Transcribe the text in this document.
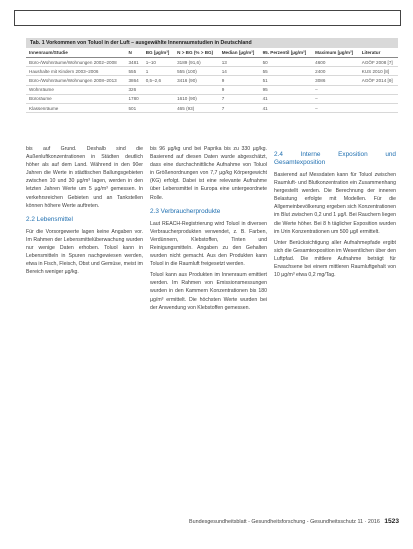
Tab. 1 Vorkommen von Toluol in der Luft – ausgewählte Innenraumstudien in Deutschland
Innenraum/Studie	N	BG [µg/m³]	N > BG (% > BG)	Median [µg/m³]	95. Perzentil [µg/m³]	Maximum [µg/m³]	Literatur
Büro-/Wohnräume/Wohnungen 2002–2008	3481	1–10	3189 (91,6)	13	50	4600	AGÖF 2008 [7]
Haushalte mit Kindern 2003–2006	555	1	555 (100)	14	55	2400	KUS 2010 [8]
Büro-/Wohnräume/Wohnungen 2008–2013	3864	0,5–2,6	3416 (90)	9	51	3086	AGÖF 2014 [9]
Wohnräume	326			9	95	–	
Büroräume	1780		1610 (90)	7	41	–	
Klassenräume	501		465 (93)	7	41	–	

bis auf Grund. Deshalb sind die Außenluftkonzentrationen in Städten deutlich höher als auf dem Land. Während in den 90er Jahren die Werte in städtischen Ballungsgebieten zwischen 10 und 30 µg/m³ lagen, werden in den letzten Jahren Werte um 5 µg/m³ gemessen. In verkehrsreichen Gebieten und an Tankstellen können höhere Werte auftreten.

2.2 Lebensmittel

Für die Vorsorgewerte lagen keine Angaben vor. Im Rahmen der Lebensmittelüberwachung wurden nur wenige Daten erhoben. Toluol kann in Lebensmitteln in Spuren nachgewiesen werden, etwa in Fisch, Fleisch, Obst und Gemüse, meist im Bereich weniger µg/kg.

bis 96 µg/kg und bei Paprika bis zu 330 µg/kg. Basierend auf diesen Daten wurde abgeschätzt, dass eine durchschnittliche Aufnahme von Toluol in Größenordnungen von 7,7 µg/kg Körpergewicht (KG) erfolgt. Dabei ist eine relevante Aufnahme über Lebensmittel in Europa eine untergeordnete Rolle.

2.3 Verbraucherprodukte

Laut REACH-Registrierung wird Toluol in diversen Verbraucherprodukten verwendet, z. B. Farben, Verdünnern, Klebstoffen, Tinten und Reinigungsmitteln. Angaben zu den Gehalten wurden nicht gemacht. Aus den Produkten kann Toluol in die Raumluft freigesetzt werden.

Toluol kann aus Produkten im Innenraum emittiert werden. Im Rahmen von Emissionsmessungen wurden in den Kammern Konzentrationen bis 180 µg/m³ ermittelt. Die höchsten Werte wurden bei der Anwendung von Klebstoffen gemessen.

2.4 Interne Exposition und Gesamtexposition

Basierend auf Messdaten kann für Toluol zwischen Raumluft- und Blutkonzentration ein Zusammenhang hergestellt werden. Die Berechnung der inneren Belastung erfolgte mit Modellen. Für die Allgemeinbevölkerung ergeben sich Konzentrationen im Blut zwischen 0,2 und 1 µg/l. Bei Rauchern liegen die Werte höher. Bei 8 h täglicher Exposition wurden im Urin Konzentrationen um 500 µg/l ermittelt.

Unter Berücksichtigung aller Aufnahmepfade ergibt sich die Gesamtexposition im Wesentlichen über den Luftpfad. Die mittlere Aufnahme beträgt für Erwachsene bei einem mittleren Raumluftgehalt von 10 µg/m³ etwa 0,2 mg/Tag.

Bundesgesundheitsblatt - Gesundheitsforschung - Gesundheitsschutz 11 · 2016 1523
